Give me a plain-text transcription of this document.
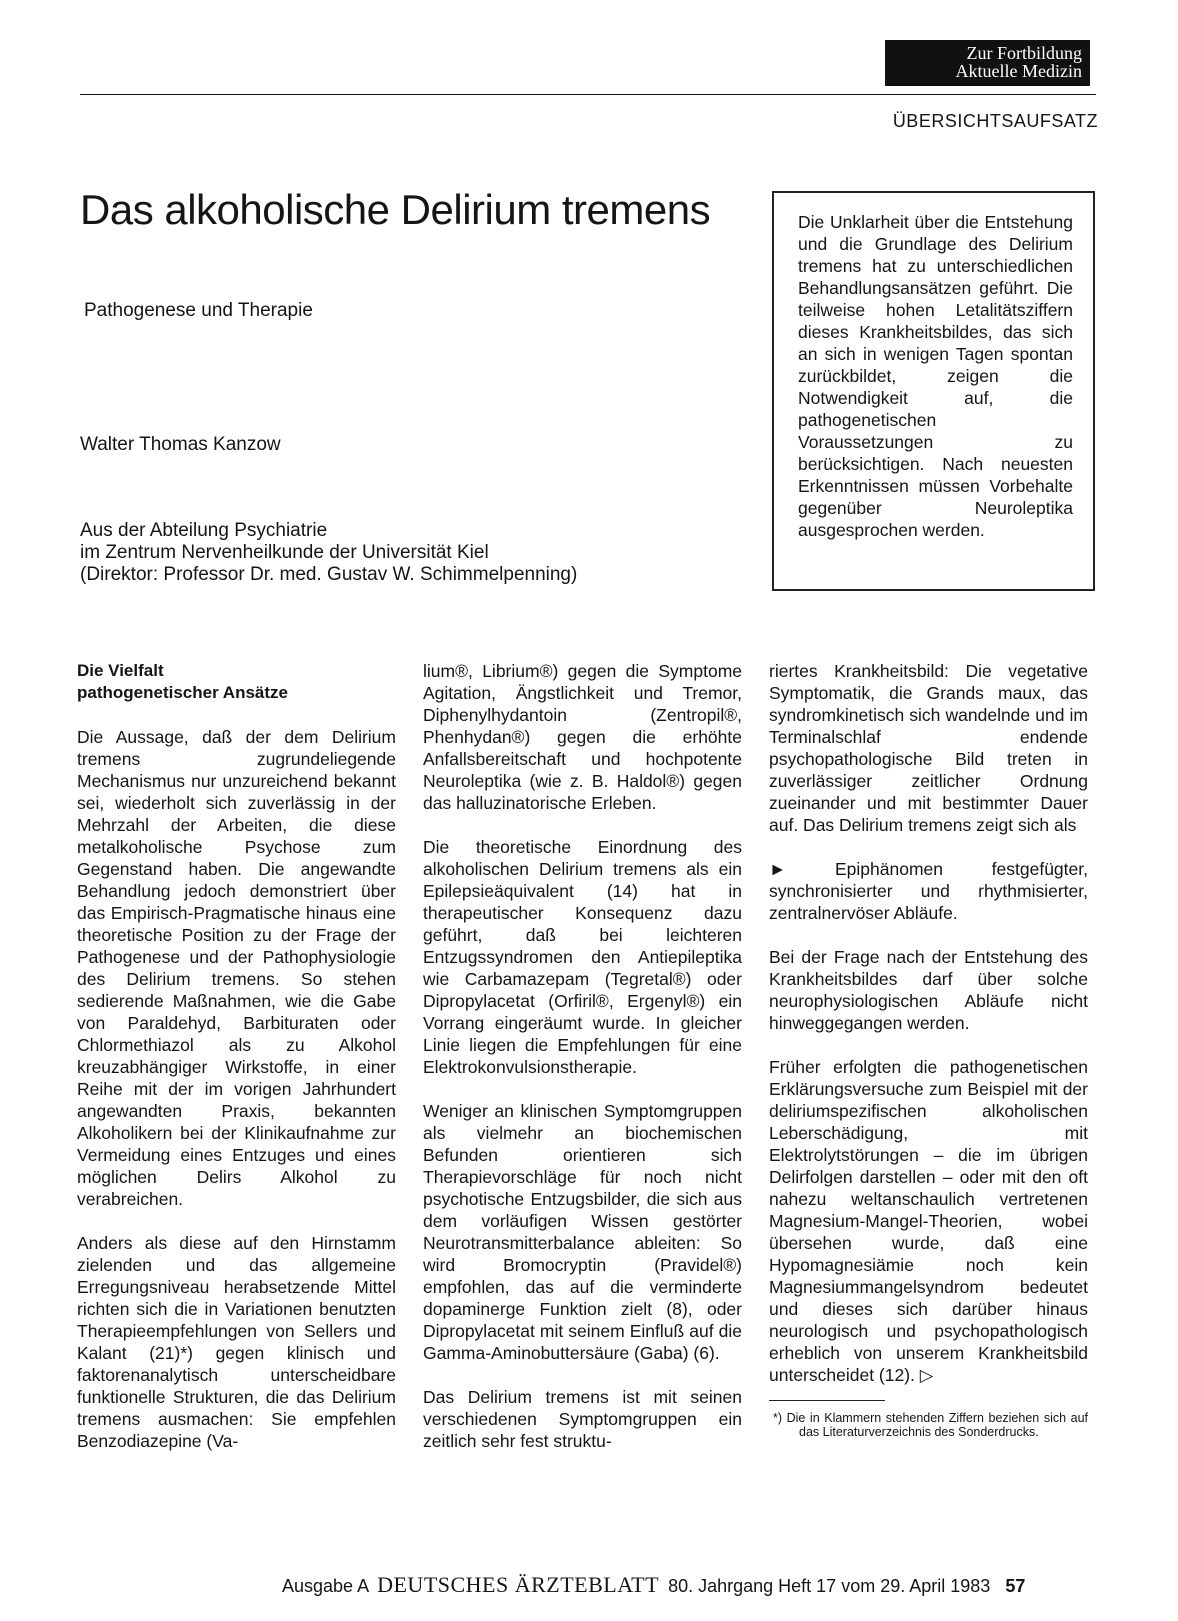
Zur Fortbildung
Aktuelle Medizin
ÜBERSICHTSAUFSATZ
Das alkoholische Delirium tremens
Pathogenese und Therapie
Walter Thomas Kanzow
Aus der Abteilung Psychiatrie
im Zentrum Nervenheilkunde der Universität Kiel
(Direktor: Professor Dr. med. Gustav W. Schimmelpenning)

Die Unklarheit über die Entstehung und die Grundlage des Delirium tremens hat zu unterschiedlichen Behandlungsansätzen geführt. Die teilweise hohen Letalitätsziffern dieses Krankheitsbildes, das sich an sich in wenigen Tagen spontan zurückbildet, zeigen die Notwendigkeit auf, die pathogenetischen Voraussetzungen zu berücksichtigen. Nach neuesten Erkenntnissen müssen Vorbehalte gegenüber Neuroleptika ausgesprochen werden.

Die Vielfalt
pathogenetischer Ansätze

Die Aussage, daß der dem Delirium tremens zugrundeliegende Mechanismus nur unzureichend bekannt sei, wiederholt sich zuverlässig in der Mehrzahl der Arbeiten, die diese metalkoholische Psychose zum Gegenstand haben. Die angewandte Behandlung jedoch demonstriert über das Empirisch-Pragmatische hinaus eine theoretische Position zu der Frage der Pathogenese und der Pathophysiologie des Delirium tremens. So stehen sedierende Maßnahmen, wie die Gabe von Paraldehyd, Barbituraten oder Chlormethiazol als zu Alkohol kreuzabhängiger Wirkstoffe, in einer Reihe mit der im vorigen Jahrhundert angewandten Praxis, bekannten Alkoholikern bei der Klinikaufnahme zur Vermeidung eines Entzuges und eines möglichen Delirs Alkohol zu verabreichen.

Anders als diese auf den Hirnstamm zielenden und das allgemeine Erregungsniveau herabsetzende Mittel richten sich die in Variationen benutzten Therapieempfehlungen von Sellers und Kalant (21)*) gegen klinisch und faktorenanalytisch unterscheidbare funktionelle Strukturen, die das Delirium tremens ausmachen: Sie empfehlen Benzodiazepine (Va-

lium®, Librium®) gegen die Symptome Agitation, Ängstlichkeit und Tremor, Diphenylhydantoin (Zentropil®, Phenhydan®) gegen die erhöhte Anfallsbereitschaft und hochpotente Neuroleptika (wie z. B. Haldol®) gegen das halluzinatorische Erleben.

Die theoretische Einordnung des alkoholischen Delirium tremens als ein Epilepsieäquivalent (14) hat in therapeutischer Konsequenz dazu geführt, daß bei leichteren Entzugssyndromen den Antiepileptika wie Carbamazepam (Tegretal®) oder Dipropylacetat (Orfiril®, Ergenyl®) ein Vorrang eingeräumt wurde. In gleicher Linie liegen die Empfehlungen für eine Elektrokonvulsionstherapie.

Weniger an klinischen Symptomgruppen als vielmehr an biochemischen Befunden orientieren sich Therapievorschläge für noch nicht psychotische Entzugsbilder, die sich aus dem vorläufigen Wissen gestörter Neurotransmitterbalance ableiten: So wird Bromocryptin (Pravidel®) empfohlen, das auf die verminderte dopaminerge Funktion zielt (8), oder Dipropylacetat mit seinem Einfluß auf die Gamma-Aminobuttersäure (Gaba) (6).

Das Delirium tremens ist mit seinen verschiedenen Symptomgruppen ein zeitlich sehr fest struktu-

riertes Krankheitsbild: Die vegetative Symptomatik, die Grands maux, das syndromkinetisch sich wandelnde und im Terminalschlaf endende psychopathologische Bild treten in zuverlässiger zeitlicher Ordnung zueinander und mit bestimmter Dauer auf. Das Delirium tremens zeigt sich als

► Epiphänomen festgefügter, synchronisierter und rhythmisierter, zentralnervöser Abläufe.

Bei der Frage nach der Entstehung des Krankheitsbildes darf über solche neurophysiologischen Abläufe nicht hinweggegangen werden.

Früher erfolgten die pathogenetischen Erklärungsversuche zum Beispiel mit der deliriumspezifischen alkoholischen Leberschädigung, mit Elektrolytstörungen – die im übrigen Delirfolgen darstellen – oder mit den oft nahezu weltanschaulich vertretenen Magnesium-Mangel-Theorien, wobei übersehen wurde, daß eine Hypomagnesiämie noch kein Magnesiummangelsyndrom bedeutet und dieses sich darüber hinaus neurologisch und psychopathologisch erheblich von unserem Krankheitsbild unterscheidet (12). ▷

*) Die in Klammern stehenden Ziffern beziehen sich auf das Literaturverzeichnis des Sonderdrucks.

Ausgabe A DEUTSCHES ÄRZTEBLATT 80. Jahrgang Heft 17 vom 29. April 1983 57
